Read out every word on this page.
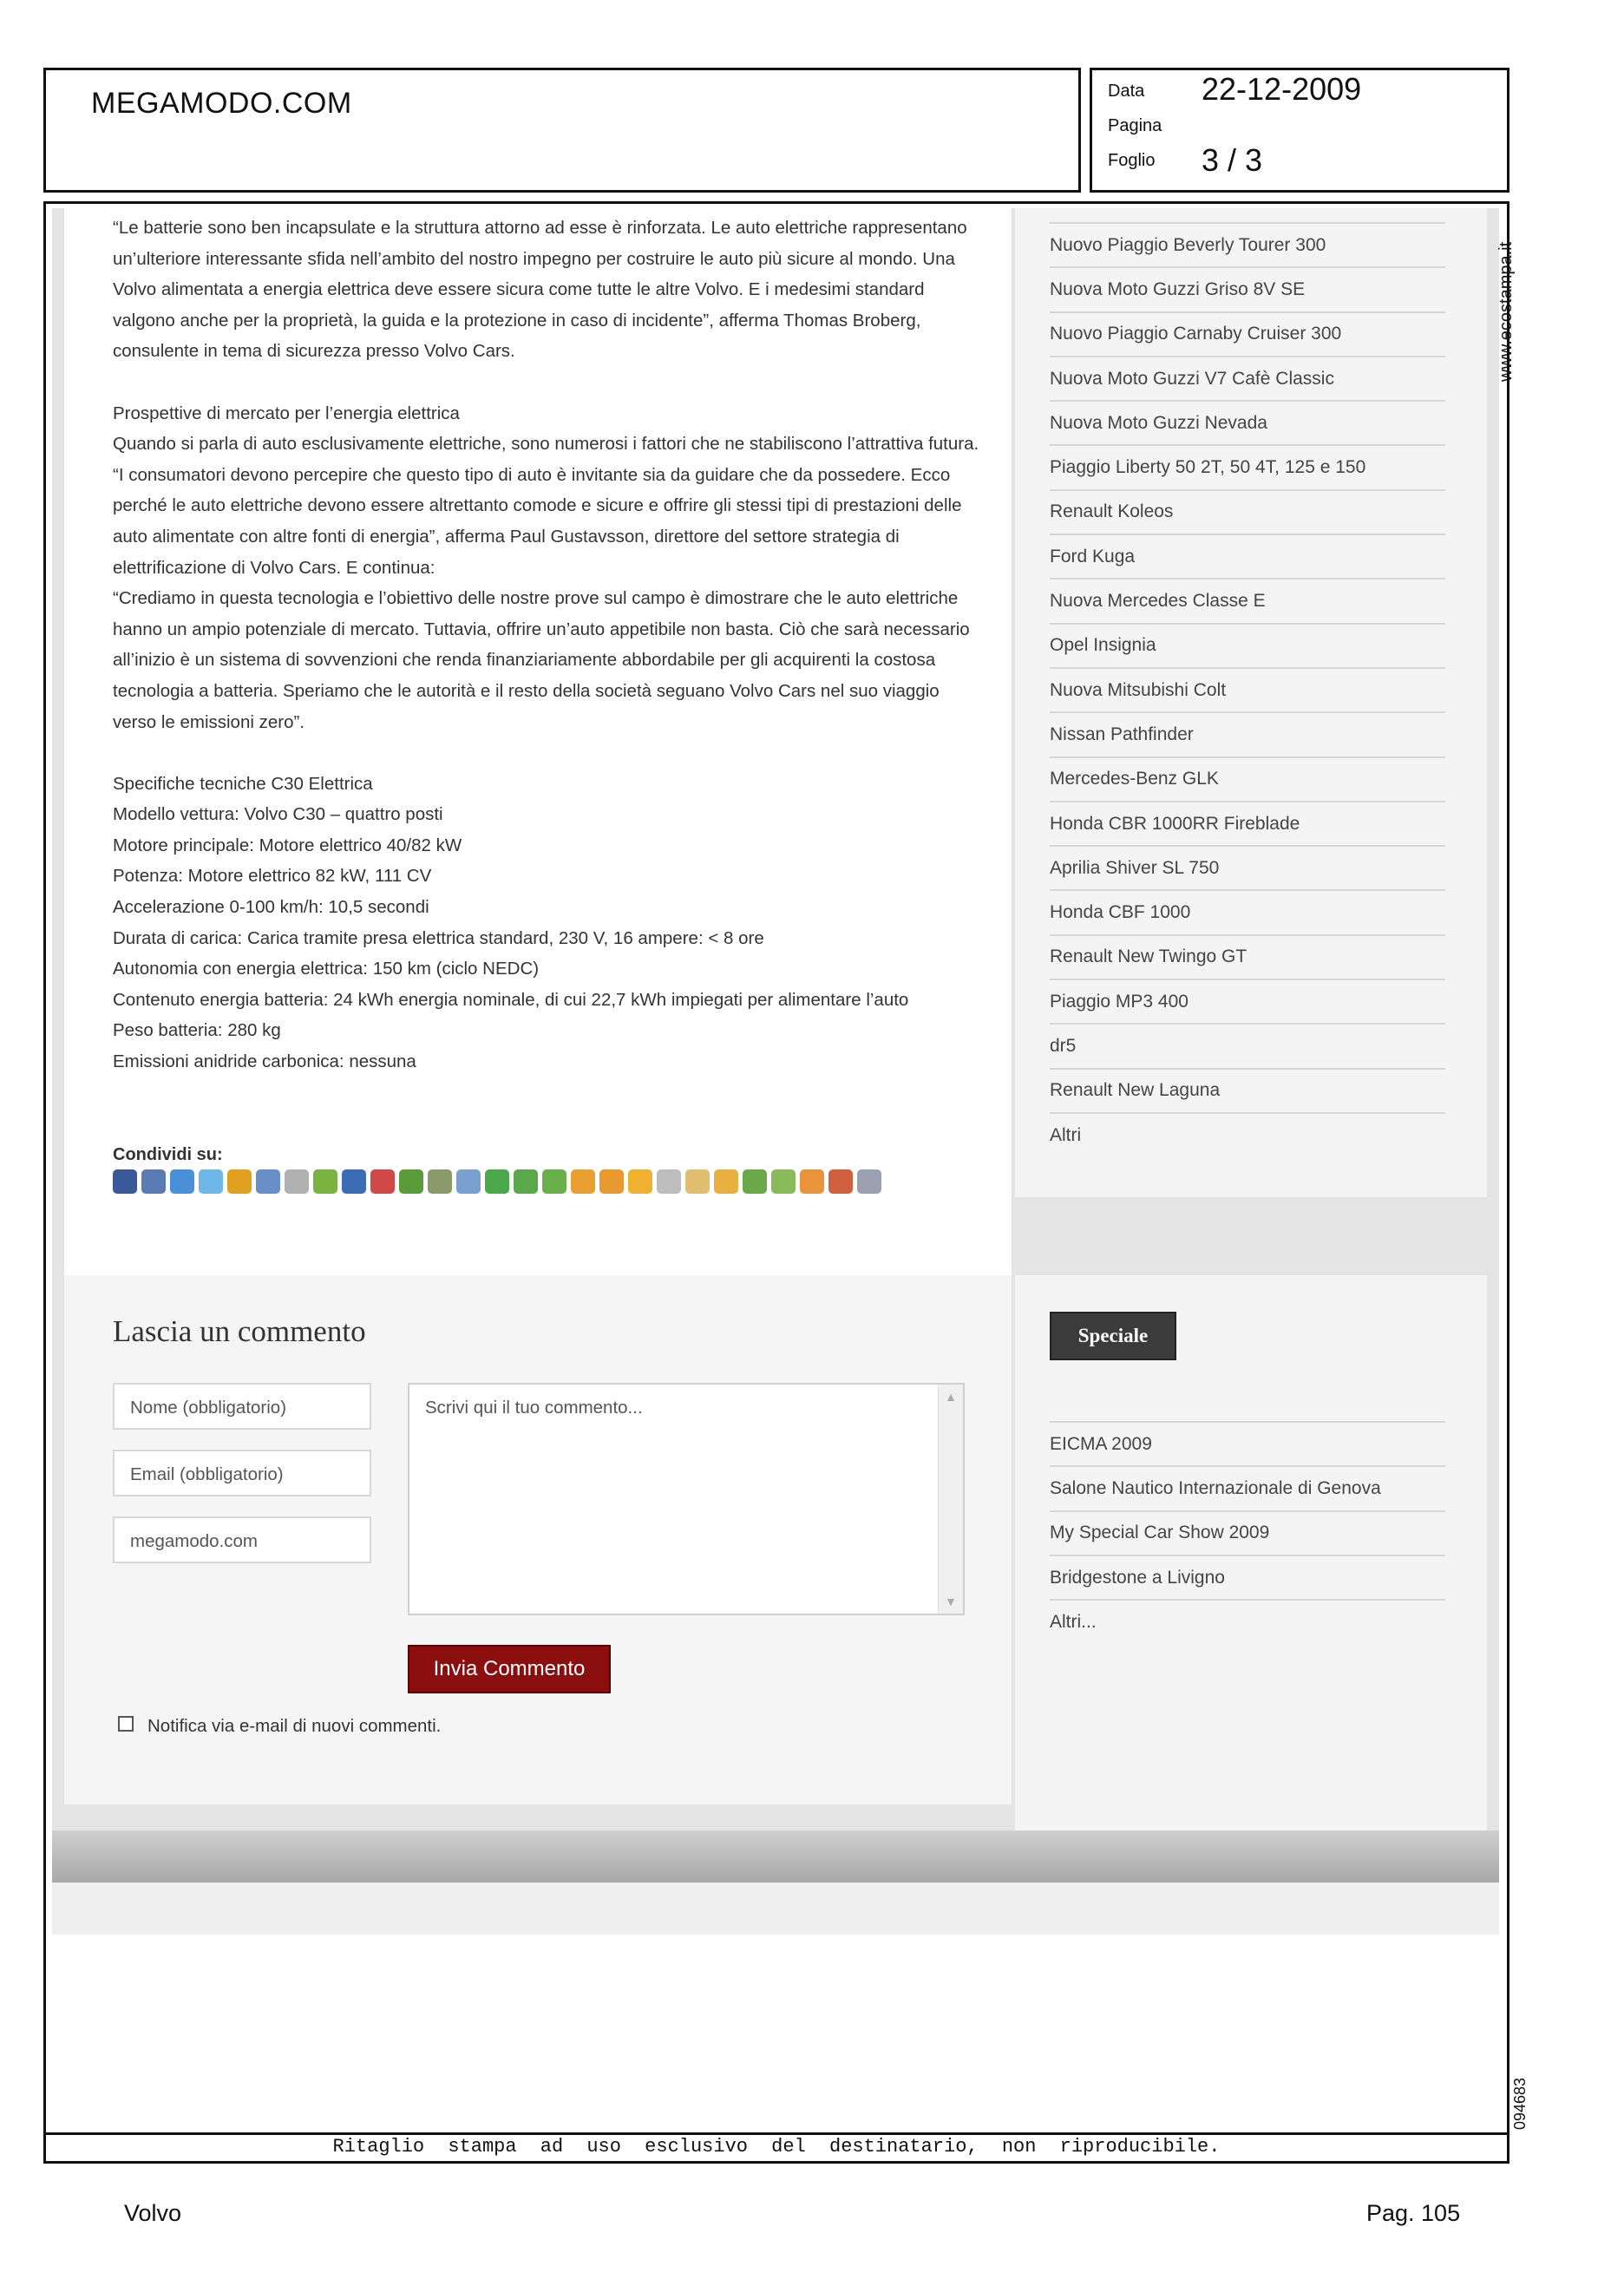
MEGAMODO.COM	Data 22-12-2009
Pagina
Foglio 3 / 3

“Le batterie sono ben incapsulate e la struttura attorno ad esse è rinforzata. Le auto elettriche rappresentano un’ulteriore interessante sfida nell’ambito del nostro impegno per costruire le auto più sicure al mondo. Una Volvo alimentata a energia elettrica deve essere sicura come tutte le altre Volvo. E i medesimi standard valgono anche per la proprietà, la guida e la protezione in caso di incidente”, afferma Thomas Broberg, consulente in tema di sicurezza presso Volvo Cars.

Prospettive di mercato per l’energia elettrica

Quando si parla di auto esclusivamente elettriche, sono numerosi i fattori che ne stabiliscono l’attrattiva futura.

“I consumatori devono percepire che questo tipo di auto è invitante sia da guidare che da possedere. Ecco perché le auto elettriche devono essere altrettanto comode e sicure e offrire gli stessi tipi di prestazioni delle auto alimentate con altre fonti di energia”, afferma Paul Gustavsson, direttore del settore strategia di elettrificazione di Volvo Cars. E continua:

“Crediamo in questa tecnologia e l’obiettivo delle nostre prove sul campo è dimostrare che le auto elettriche hanno un ampio potenziale di mercato. Tuttavia, offrire un’auto appetibile non basta. Ciò che sarà necessario all’inizio è un sistema di sovvenzioni che renda finanziariamente abbordabile per gli acquirenti la costosa tecnologia a batteria. Speriamo che le autorità e il resto della società seguano Volvo Cars nel suo viaggio verso le emissioni zero”.

Specifiche tecniche C30 Elettrica

Modello vettura: Volvo C30 – quattro posti

Motore principale: Motore elettrico 40/82 kW

Potenza: Motore elettrico 82 kW, 111 CV

Accelerazione 0-100 km/h: 10,5 secondi

Durata di carica: Carica tramite presa elettrica standard, 230 V, 16 ampere: < 8 ore

Autonomia con energia elettrica: 150 km (ciclo NEDC)

Contenuto energia batteria: 24 kWh energia nominale, di cui 22,7 kWh impiegati per alimentare l’auto

Peso batteria: 280 kg

Emissioni anidride carbonica: nessuna

Condividi su:
Nuovo Piaggio Beverly Tourer 300
Nuova Moto Guzzi Griso 8V SE
Nuovo Piaggio Carnaby Cruiser 300
Nuova Moto Guzzi V7 Cafè Classic
Nuova Moto Guzzi Nevada
Piaggio Liberty 50 2T, 50 4T, 125 e 150
Renault Koleos
Ford Kuga
Nuova Mercedes Classe E
Opel Insignia
Nuova Mitsubishi Colt
Nissan Pathfinder
Mercedes-Benz GLK
Honda CBR 1000RR Fireblade
Aprilia Shiver SL 750
Honda CBF 1000
Renault New Twingo GT
Piaggio MP3 400
dr5
Renault New Laguna
Altri
Lascia un commento
Nome (obbligatorio)
Email (obbligatorio)
megamodo.com
Scrivi qui il tuo commento...
▲
▼
Invia Commento
Notifica via e-mail di nuovi commenti.
Speciale
EICMA 2009
Salone Nautico Internazionale di Genova
My Special Car Show 2009
Bridgestone a Livigno
Altri...
Ritaglio stampa ad uso esclusivo del destinatario, non riproducibile.
www.ecostampa.it
094683
Volvo	Pag. 105
